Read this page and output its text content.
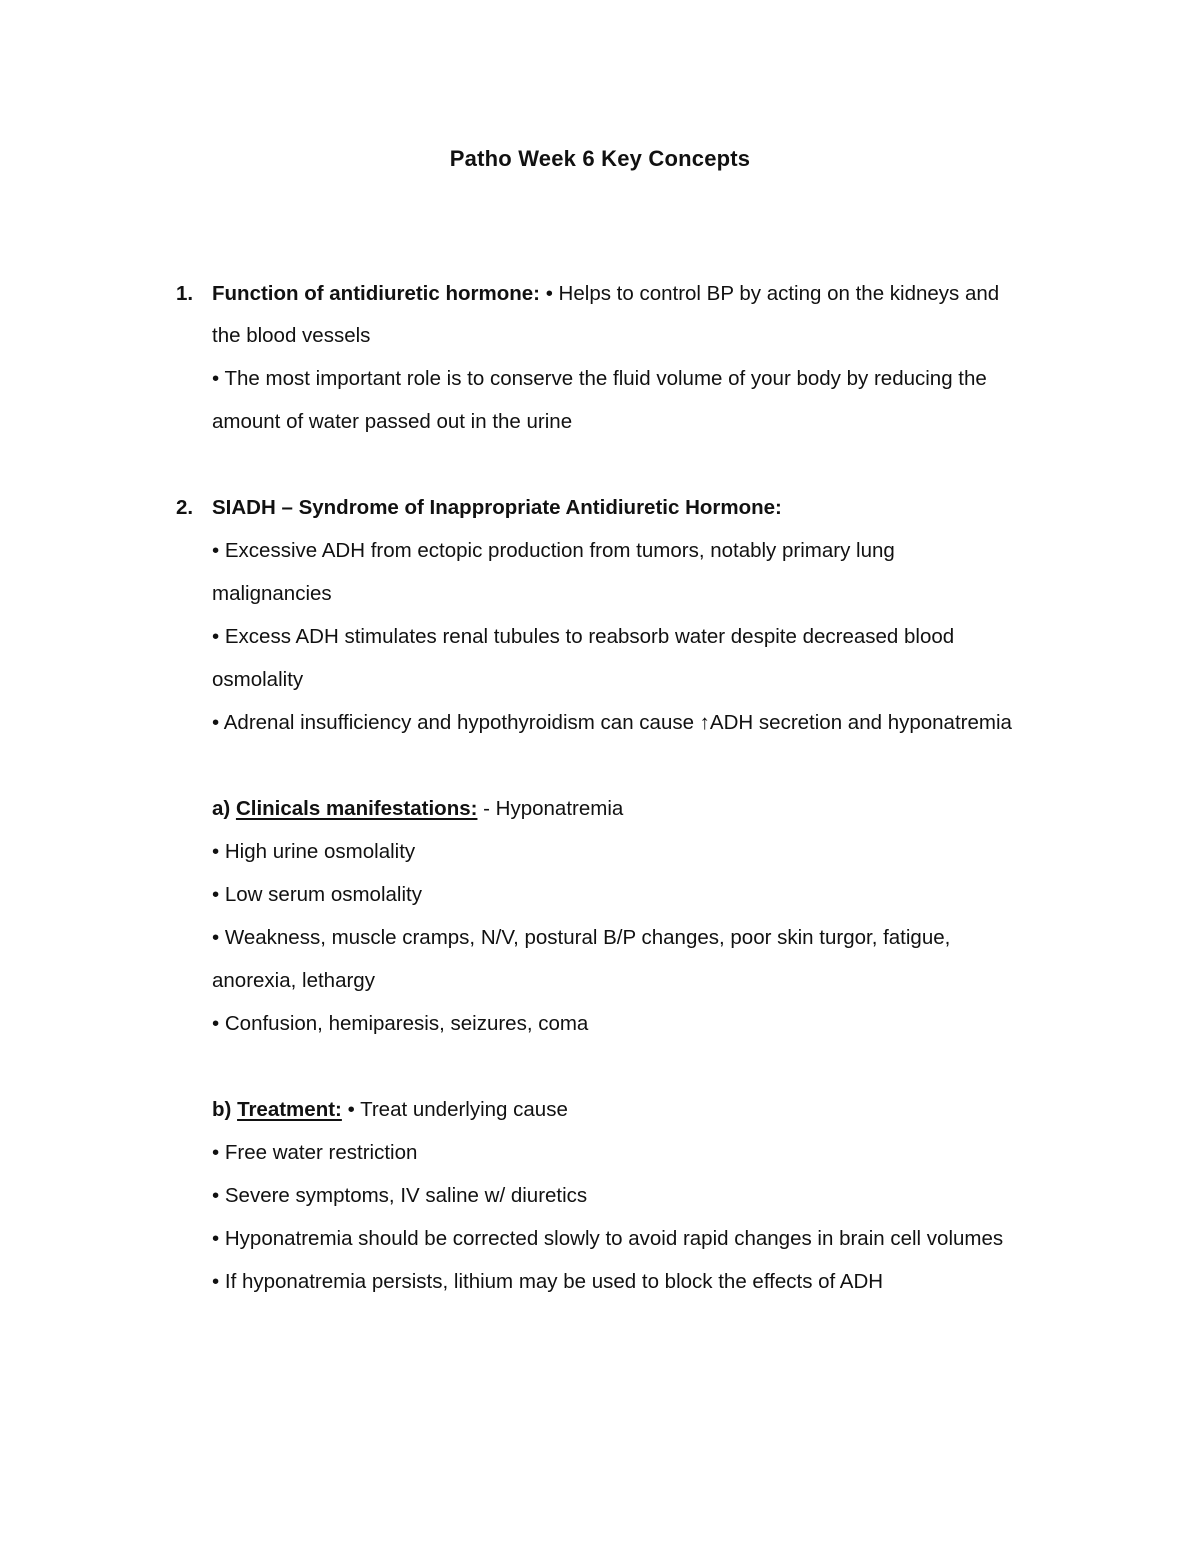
Patho Week 6 Key Concepts
1. Function of antidiuretic hormone: • Helps to control BP by acting on the kidneys and
the blood vessels
• The most important role is to conserve the fluid volume of your body by reducing the
amount of water passed out in the urine
2. SIADH – Syndrome of Inappropriate Antidiuretic Hormone:
• Excessive ADH from ectopic production from tumors, notably primary lung
malignancies
• Excess ADH stimulates renal tubules to reabsorb water despite decreased blood
osmolality
• Adrenal insufficiency and hypothyroidism can cause ↑ADH secretion and hyponatremia
a) Clinicals manifestations: - Hyponatremia
• High urine osmolality
• Low serum osmolality
• Weakness, muscle cramps, N/V, postural B/P changes, poor skin turgor, fatigue,
anorexia, lethargy
• Confusion, hemiparesis, seizures, coma
b) Treatment: • Treat underlying cause
• Free water restriction
• Severe symptoms, IV saline w/ diuretics
• Hyponatremia should be corrected slowly to avoid rapid changes in brain cell volumes
• If hyponatremia persists, lithium may be used to block the effects of ADH
